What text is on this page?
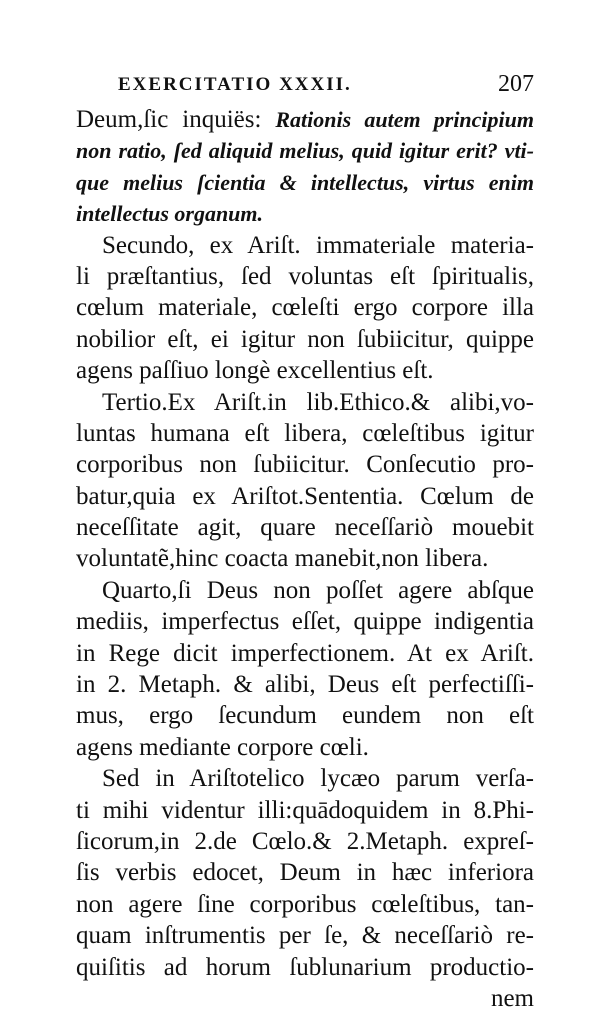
EXERCITATIO XXXII.	207
Deum,ſic inquiës: Rationis autem principium
non ratio, ſed aliquid melius, quid igitur erit? vti-
que melius ſcientia & intellectus, virtus enim
intellectus organum.
Secundo, ex Ariſt. immateriale materia-
li præſtantius, ſed voluntas eſt ſpiritualis,
cœlum materiale, cœleſti ergo corpore illa
nobilior eſt, ei igitur non ſubiicitur, quippe
agens paſſiuo longè excellentius eſt.
Tertio.Ex Ariſt.in lib.Ethico.& alibi,vo-
luntas humana eſt libera, cœleſtibus igitur
corporibus non ſubiicitur. Conſecutio pro-
batur,quia ex Ariſtot.Sententia. Cœlum de
neceſſitate agit, quare neceſſariò mouebit
voluntatẽ,hinc coacta manebit,non libera.
Quarto,ſi Deus non poſſet agere abſque
mediis, imperfectus eſſet, quippe indigentia
in Rege dicit imperfectionem. At ex Ariſt.
in 2. Metaph. & alibi, Deus eſt perfectiſſi-
mus, ergo ſecundum eundem non eſt
agens mediante corpore cœli.
Sed in Ariſtotelico lycæo parum verſa-
ti mihi videntur illi:quādoquidem in 8.Phi-
ſicorum,in 2.de Cœlo.& 2.Metaph. expreſ-
ſis verbis edocet, Deum in hæc inferiora
non agere ſine corporibus cœleſtibus, tan-
quam inſtrumentis per ſe, & neceſſariò re-
quiſitis ad horum ſublunarium productio-
nem
